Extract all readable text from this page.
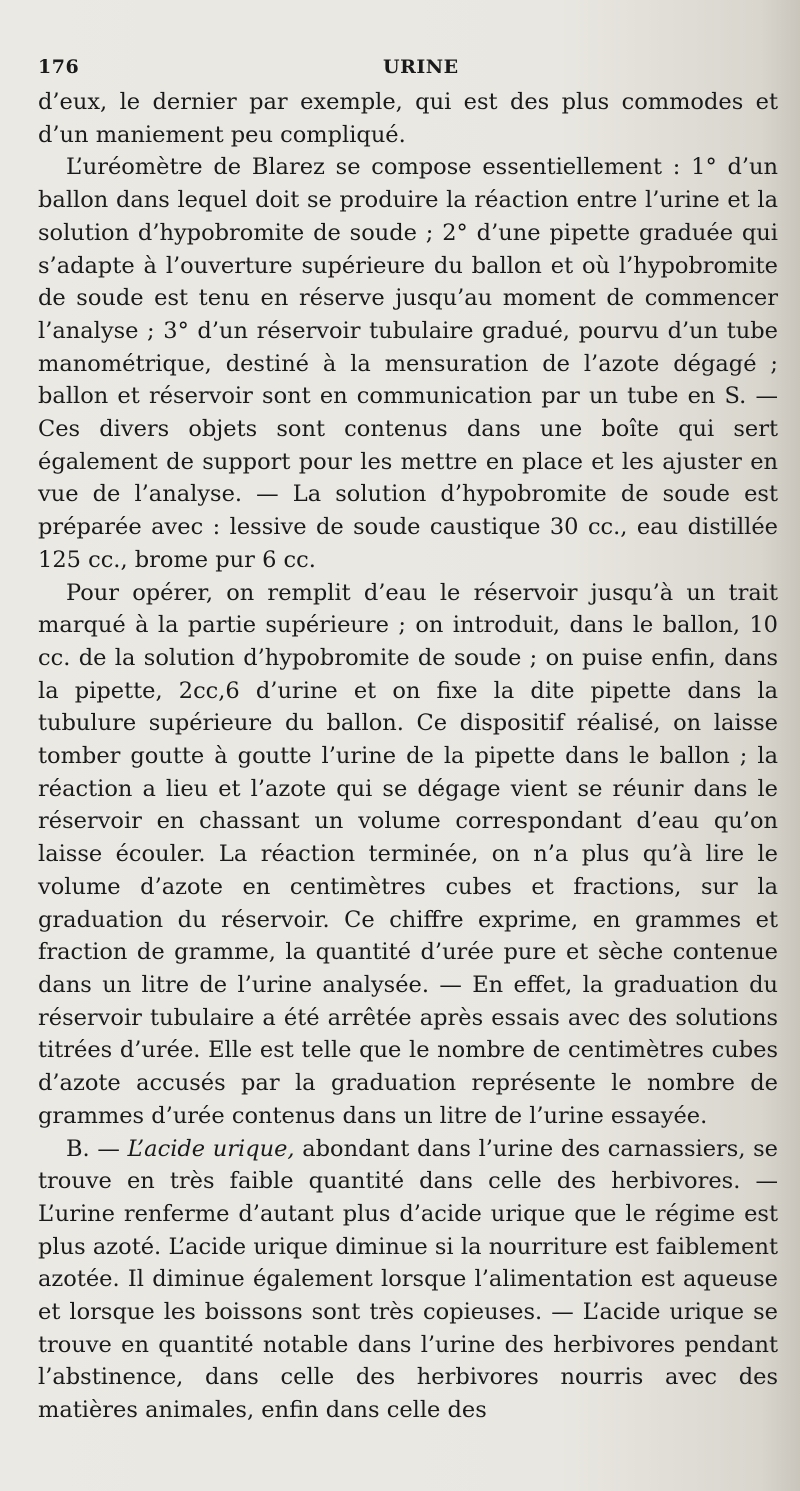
176	URINE

d’eux, le dernier par exemple, qui est des plus commodes et d’un maniement peu compliqué.

L’uréomètre de Blarez se compose essentiellement : 1° d’un ballon dans lequel doit se produire la réaction entre l’urine et la solution d’hypobromite de soude ; 2° d’une pipette graduée qui s’adapte à l’ouverture supérieure du ballon et où l’hypobromite de soude est tenu en réserve jusqu’au moment de commencer l’analyse ; 3° d’un réservoir tubulaire gradué, pourvu d’un tube manométrique, destiné à la mensuration de l’azote dégagé ; ballon et réservoir sont en communication par un tube en S. — Ces divers objets sont contenus dans une boîte qui sert également de support pour les mettre en place et les ajuster en vue de l’analyse. — La solution d’hypobromite de soude est préparée avec : lessive de soude caustique 30 cc., eau distillée 125 cc., brome pur 6 cc.

Pour opérer, on remplit d’eau le réservoir jusqu’à un trait marqué à la partie supérieure ; on introduit, dans le ballon, 10 cc. de la solution d’hypobromite de soude ; on puise enfin, dans la pipette, 2cc,6 d’urine et on fixe la dite pipette dans la tubulure supérieure du ballon. Ce dispositif réalisé, on laisse tomber goutte à goutte l’urine de la pipette dans le ballon ; la réaction a lieu et l’azote qui se dégage vient se réunir dans le réservoir en chassant un volume correspondant d’eau qu’on laisse écouler. La réaction terminée, on n’a plus qu’à lire le volume d’azote en centimètres cubes et fractions, sur la graduation du réservoir. Ce chiffre exprime, en grammes et fraction de gramme, la quantité d’urée pure et sèche contenue dans un litre de l’urine analysée. — En effet, la graduation du réservoir tubulaire a été arrêtée après essais avec des solutions titrées d’urée. Elle est telle que le nombre de centimètres cubes d’azote accusés par la graduation représente le nombre de grammes d’urée contenus dans un litre de l’urine essayée.

B. — L’acide urique, abondant dans l’urine des carnassiers, se trouve en très faible quantité dans celle des herbivores. — L’urine renferme d’autant plus d’acide urique que le régime est plus azoté. L’acide urique diminue si la nourriture est faiblement azotée. Il diminue également lorsque l’alimentation est aqueuse et lorsque les boissons sont très copieuses. — L’acide urique se trouve en quantité notable dans l’urine des herbivores pendant l’abstinence, dans celle des herbivores nourris avec des matières animales, enfin dans celle des
